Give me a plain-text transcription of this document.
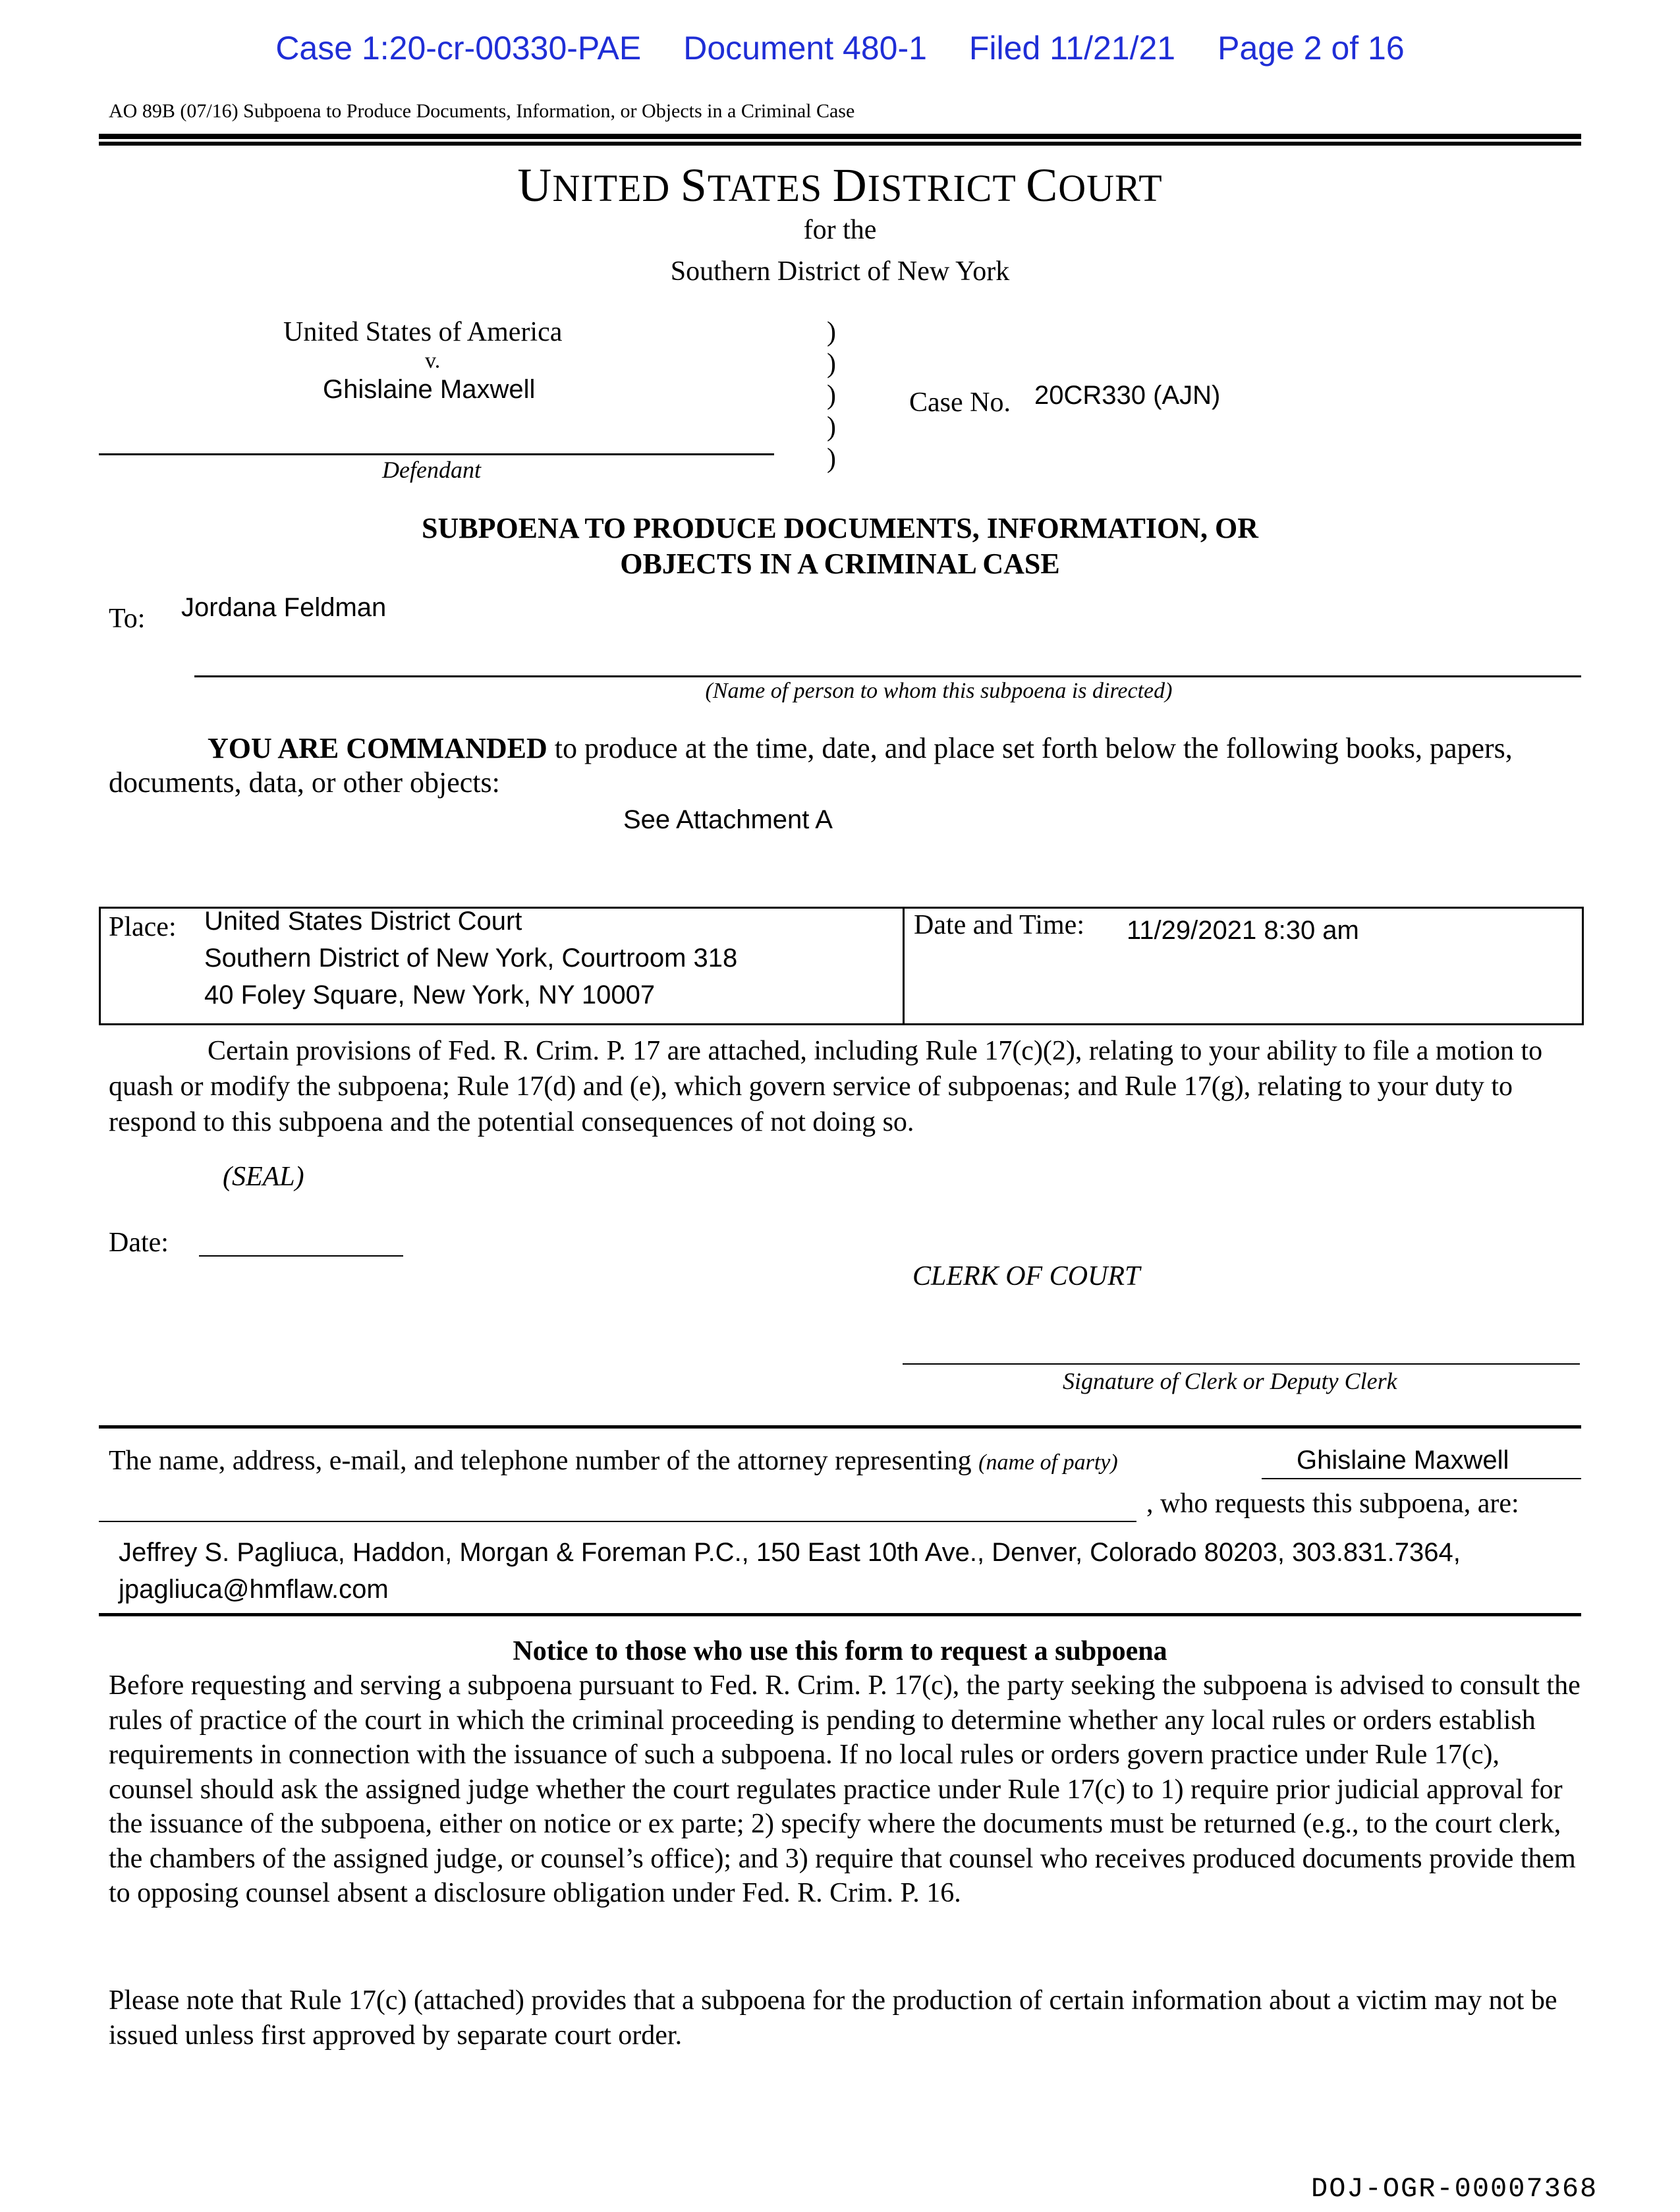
Case 1:20-cr-00330-PAE Document 480-1 Filed 11/21/21 Page 2 of 16
AO 89B (07/16) Subpoena to Produce Documents, Information, or Objects in a Criminal Case
UNITED STATES DISTRICT COURT
for the
Southern District of New York
United States of America
v.
Ghislaine Maxwell
Defendant
)
)
)
)
)
Case No. 20CR330 (AJN)
SUBPOENA TO PRODUCE DOCUMENTS, INFORMATION, OR
OBJECTS IN A CRIMINAL CASE
To: Jordana Feldman
(Name of person to whom this subpoena is directed)
YOU ARE COMMANDED to produce at the time, date, and place set forth below the following books, papers, documents, data, or other objects:
See Attachment A
Place: United States District Court
Southern District of New York, Courtroom 318
40 Foley Square, New York, NY 10007
Date and Time: 11/29/2021 8:30 am
Certain provisions of Fed. R. Crim. P. 17 are attached, including Rule 17(c)(2), relating to your ability to file a motion to quash or modify the subpoena; Rule 17(d) and (e), which govern service of subpoenas; and Rule 17(g), relating to your duty to respond to this subpoena and the potential consequences of not doing so.
(SEAL)
Date:
CLERK OF COURT
Signature of Clerk or Deputy Clerk
The name, address, e-mail, and telephone number of the attorney representing (name of party)	Ghislaine Maxwell
, who requests this subpoena, are:
Jeffrey S. Pagliuca, Haddon, Morgan & Foreman P.C., 150 East 10th Ave., Denver, Colorado 80203, 303.831.7364,
jpagliuca@hmflaw.com
Notice to those who use this form to request a subpoena
Before requesting and serving a subpoena pursuant to Fed. R. Crim. P. 17(c), the party seeking the subpoena is advised to consult the rules of practice of the court in which the criminal proceeding is pending to determine whether any local rules or orders establish requirements in connection with the issuance of such a subpoena. If no local rules or orders govern practice under Rule 17(c), counsel should ask the assigned judge whether the court regulates practice under Rule 17(c) to 1) require prior judicial approval for the issuance of the subpoena, either on notice or ex parte; 2) specify where the documents must be returned (e.g., to the court clerk, the chambers of the assigned judge, or counsel’s office); and 3) require that counsel who receives produced documents provide them to opposing counsel absent a disclosure obligation under Fed. R. Crim. P. 16.
Please note that Rule 17(c) (attached) provides that a subpoena for the production of certain information about a victim may not be issued unless first approved by separate court order.
DOJ-OGR-00007368
